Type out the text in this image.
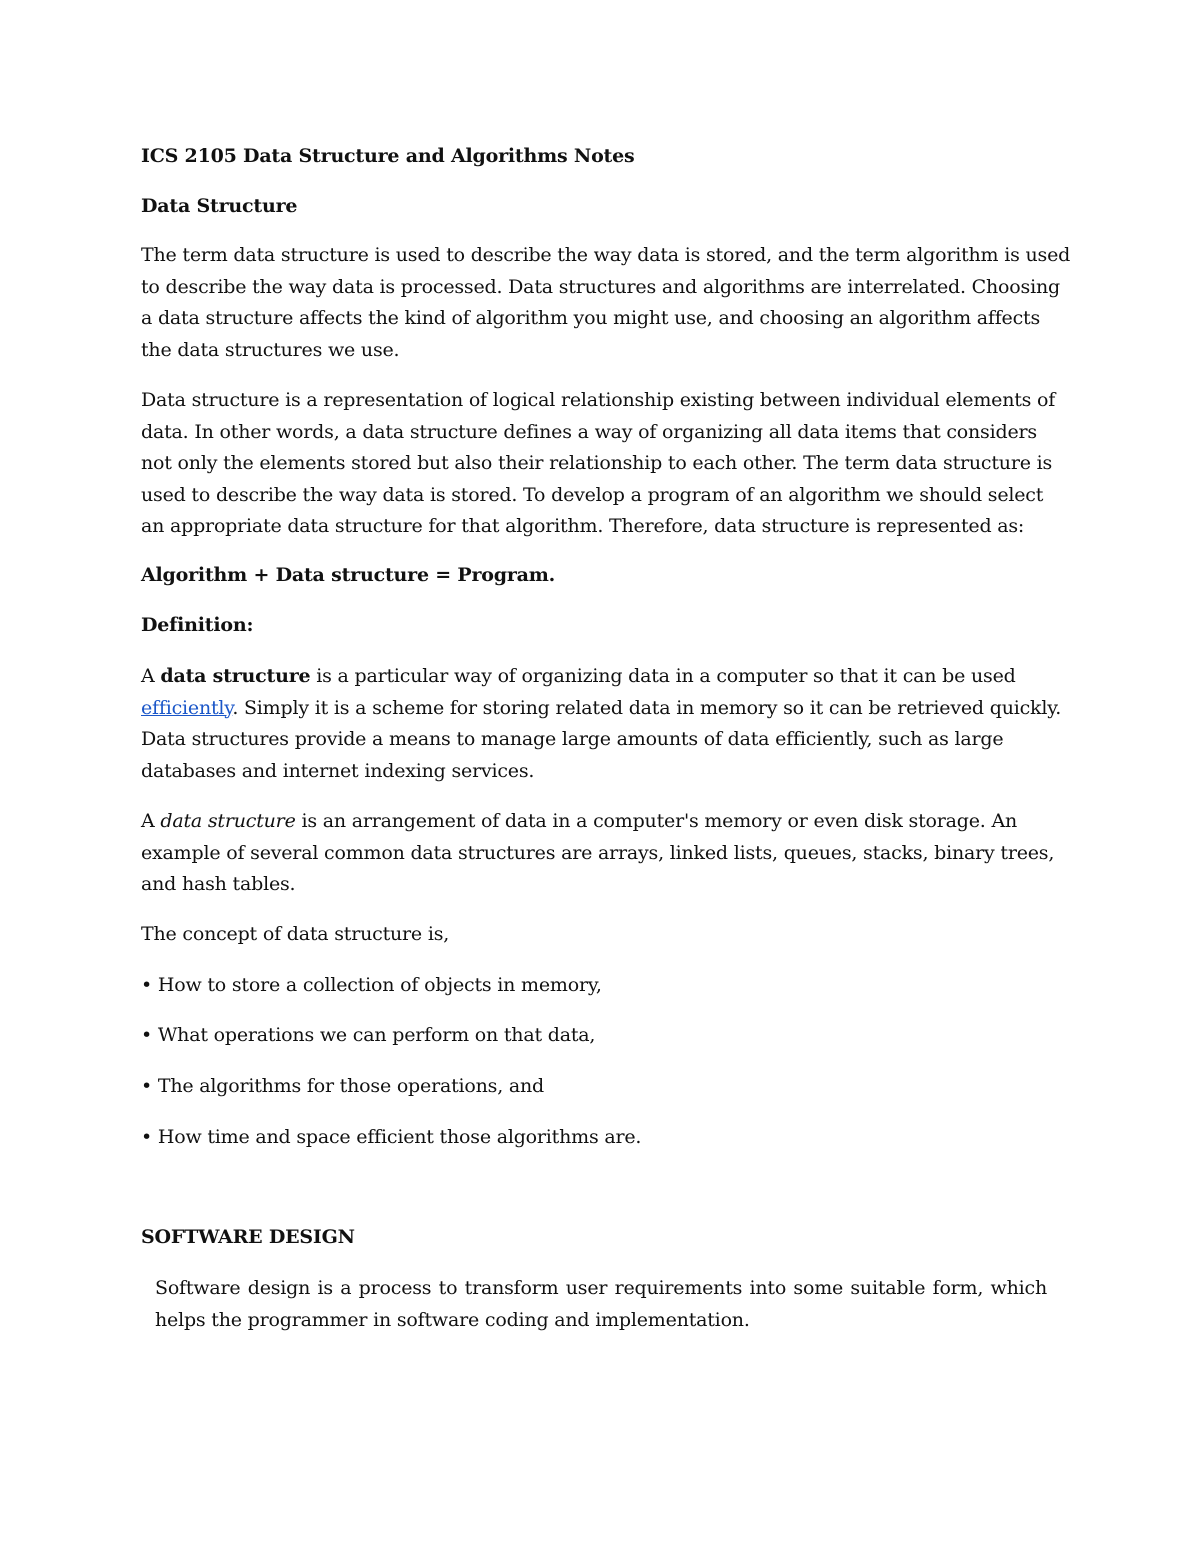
ICS 2105 Data Structure and Algorithms Notes

Data Structure

The term data structure is used to describe the way data is stored, and the term algorithm is used to describe the way data is processed. Data structures and algorithms are interrelated. Choosing a data structure affects the kind of algorithm you might use, and choosing an algorithm affects the data structures we use.

Data structure is a representation of logical relationship existing between individual elements of data. In other words, a data structure defines a way of organizing all data items that considers not only the elements stored but also their relationship to each other. The term data structure is used to describe the way data is stored. To develop a program of an algorithm we should select an appropriate data structure for that algorithm. Therefore, data structure is represented as:

Algorithm + Data structure = Program.

Definition:

A data structure is a particular way of organizing data in a computer so that it can be used efficiently. Simply it is a scheme for storing related data in memory so it can be retrieved quickly. Data structures provide a means to manage large amounts of data efficiently, such as large databases and internet indexing services.

A data structure is an arrangement of data in a computer's memory or even disk storage. An example of several common data structures are arrays, linked lists, queues, stacks, binary trees, and hash tables.

The concept of data structure is,

• How to store a collection of objects in memory,

• What operations we can perform on that data,

• The algorithms for those operations, and

• How time and space efficient those algorithms are.

SOFTWARE DESIGN

Software design is a process to transform user requirements into some suitable form, which helps the programmer in software coding and implementation.
